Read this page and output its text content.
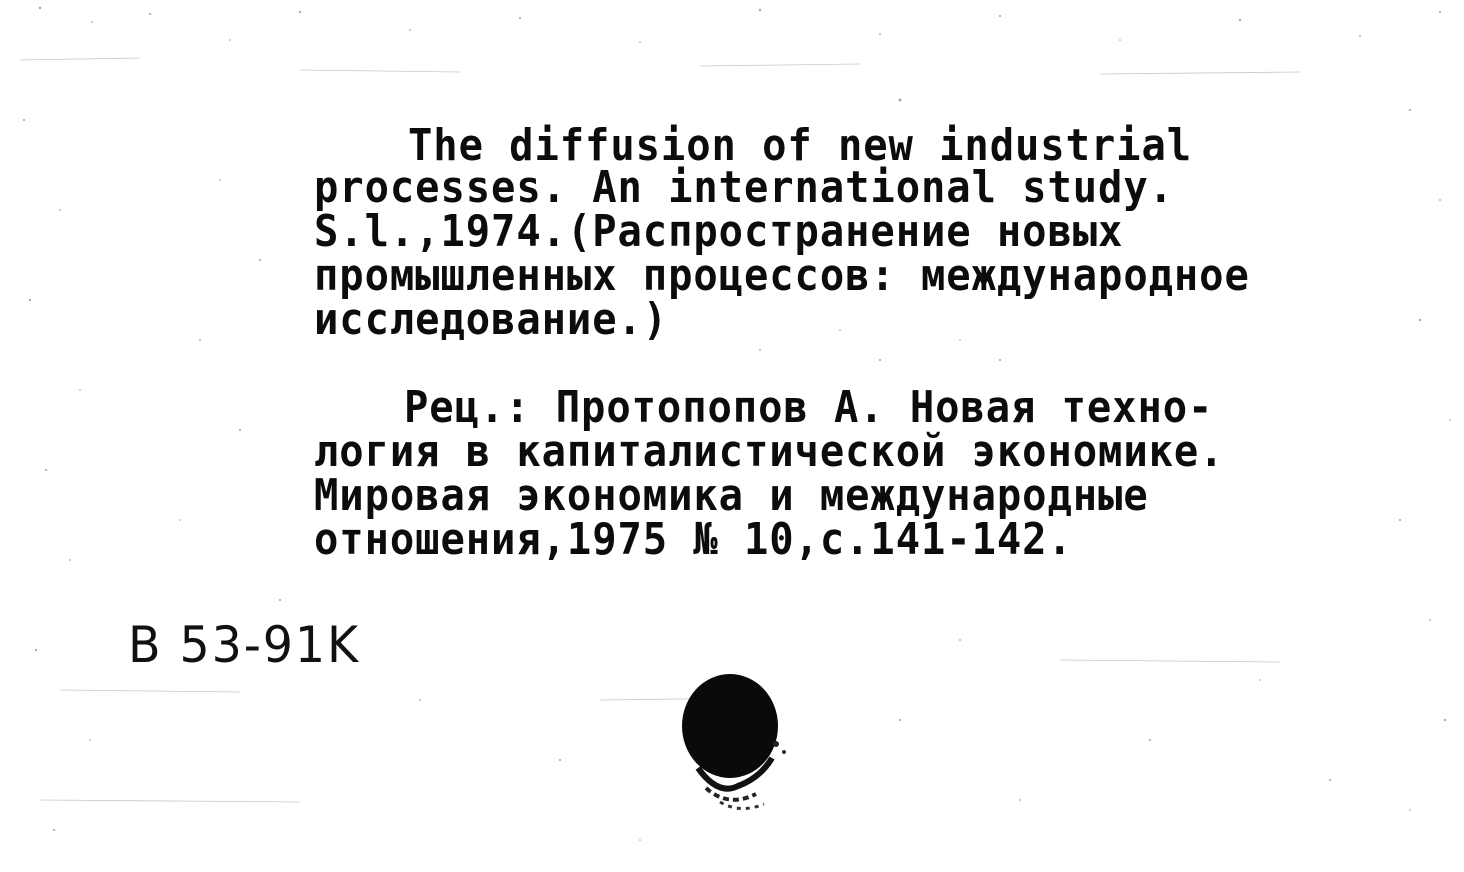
The diffusion of new industrial

processes. An international study.

S.l.,1974.(Распространение новых

промышленных процессов: международное

исследование.)

Рец.: Протопопов А. Новая техно-

логия в капиталистической экономике.

Мировая экономика и международные

отношения,1975 № 10,с.141-142.

B 53-91K
